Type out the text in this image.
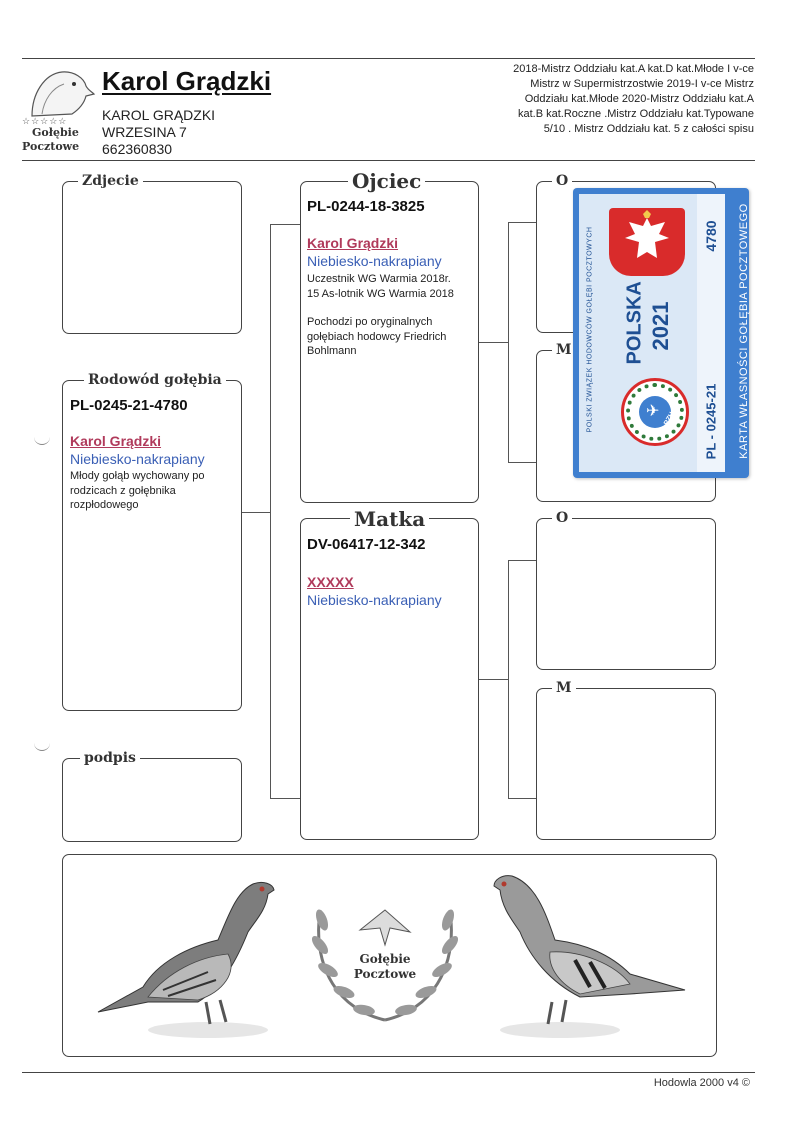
☆☆☆☆☆
Gołębie
Pocztowe
Karol Grądzki
KAROL GRĄDZKI
WRZESINA 7
662360830
2018-Mistrz Oddziału kat.A kat.D kat.Młode I v-ce
Mistrz w Supermistrzostwie 2019-I v-ce Mistrz
Oddziału kat.Młode 2020-Mistrz Oddziału kat.A
kat.B kat.Roczne .Mistrz Oddziału kat.Typowane
5/10 . Mistrz Oddziału kat. 5 z całości spisu
Zdjecie
Rodowód gołębia
PL-0245-21-4780
Karol Grądzki
Niebiesko-nakrapiany
Młody gołąb wychowany po
rodzicach z gołębnika
rozpłodowego
podpis
Ojciec
PL-0244-18-3825
Karol Grądzki
Niebiesko-nakrapiany
Uczestnik WG Warmia 2018r.
15 As-lotnik WG Warmia 2018
Pochodzi po oryginalnych
gołębiach hodowcy Friedrich
Bohlmann
Matka
DV-06417-12-342
XXXXX
Niebiesko-nakrapiany
O
M
O
M
POLSKI ZWIĄZEK HODOWCÓW GOŁĘBI POCZTOWYCH POLSKA 2021
✈ PZHGP
4780
PL - 0245-21 KARTA WŁASNOŚCI GOŁĘBIA POCZTOWEGO
Gołębie
Pocztowe
Hodowla 2000 v4 ©
